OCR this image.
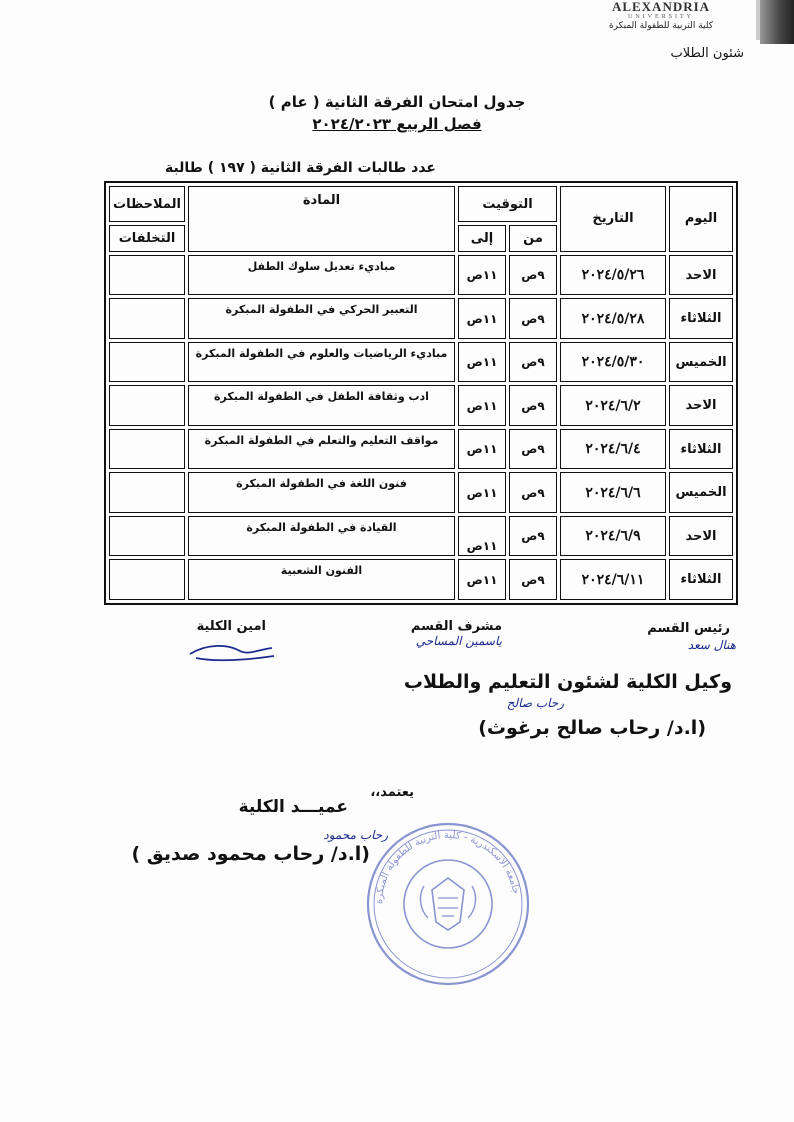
ALEXANDRIA
UNIVERSITY
كلية التربية للطفولة المبكرة
شئون الطلاب
جدول امتحان الفرقة الثانية ( عام )
فصل الربيع ٢٠٢٤/٢٠٢٣
عدد طالبات الفرقة الثانية ( ١٩٧ ) طالبة
اليوم	التاريخ	التوقيت		المادة	الملاحظات
		من	إلى		التخلفات
الاحد	٢٠٢٤/٥/٢٦	٩ص	١١ص	مباديء تعديل سلوك الطفل	
الثلاثاء	٢٠٢٤/٥/٢٨	٩ص	١١ص	التعبير الحركي في الطفولة المبكرة	
الخميس	٢٠٢٤/٥/٣٠	٩ص	١١ص	مباديء الرياضيات والعلوم في الطفولة المبكرة	
الاحد	٢٠٢٤/٦/٢	٩ص	١١ص	ادب وثقافة الطفل في الطفولة المبكرة	
الثلاثاء	٢٠٢٤/٦/٤	٩ص	١١ص	مواقف التعليم والتعلم في الطفولة المبكرة	
الخميس	٢٠٢٤/٦/٦	٩ص	١١ص	فنون اللغة في الطفولة المبكرة	
الاحد	٢٠٢٤/٦/٩	٩ص	١١ص	القيادة في الطفولة المبكرة	
الثلاثاء	٢٠٢٤/٦/١١	٩ص	١١ص	الفنون الشعبية	
رئيس القسم
هنال سعد
مشرف القسم
ياسمين المساحي
امين الكلية
وكيل الكلية لشئون التعليم والطلاب
رحاب صالح
(ا.د/ رحاب صالح برغوث)
يعتمد،،
عميـــد الكلية
رحاب محمود
(ا.د/ رحاب محمود صديق )
جامعة الاسكندرية - كلية التربية للطفولة المبكرة
